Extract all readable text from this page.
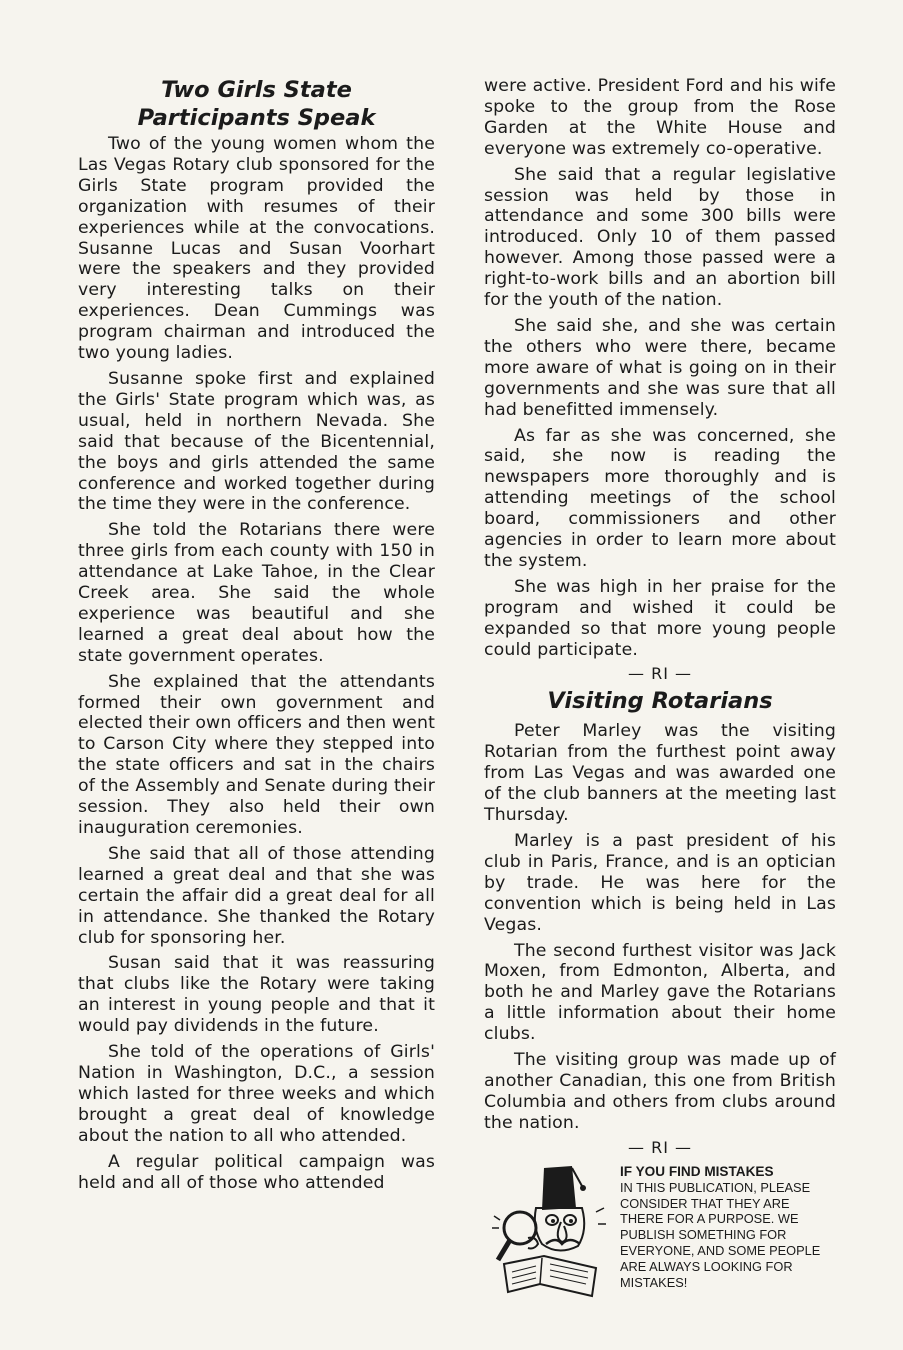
Two Girls State
Participants Speak

Two of the young women whom the Las Vegas Rotary club sponsored for the Girls State program provided the organization with resumes of their experiences while at the convocations. Susanne Lucas and Susan Voorhart were the speakers and they provided very interesting talks on their experiences. Dean Cummings was program chairman and introduced the two young ladies.

Susanne spoke first and explained the Girls' State program which was, as usual, held in northern Nevada. She said that because of the Bicentennial, the boys and girls attended the same conference and worked together during the time they were in the conference.

She told the Rotarians there were three girls from each county with 150 in attendance at Lake Tahoe, in the Clear Creek area. She said the whole experience was beautiful and she learned a great deal about how the state government operates.

She explained that the attendants formed their own government and elected their own officers and then went to Carson City where they stepped into the state officers and sat in the chairs of the Assembly and Senate during their session. They also held their own inauguration ceremonies.

She said that all of those attending learned a great deal and that she was certain the affair did a great deal for all in attendance. She thanked the Rotary club for sponsoring her.

Susan said that it was reassuring that clubs like the Rotary were taking an interest in young people and that it would pay dividends in the future.

She told of the operations of Girls' Nation in Washington, D.C., a session which lasted for three weeks and which brought a great deal of knowledge about the nation to all who attended.

A regular political campaign was held and all of those who attended

were active. President Ford and his wife spoke to the group from the Rose Garden at the White House and everyone was extremely co-operative.

She said that a regular legislative session was held by those in attendance and some 300 bills were introduced. Only 10 of them passed however. Among those passed were a right-to-work bills and an abortion bill for the youth of the nation.

She said she, and she was certain the others who were there, became more aware of what is going on in their governments and she was sure that all had benefitted immensely.

As far as she was concerned, she said, she now is reading the newspapers more thoroughly and is attending meetings of the school board, commissioners and other agencies in order to learn more about the system.

She was high in her praise for the program and wished it could be expanded so that more young people could participate.

— RI —
Visiting Rotarians

Peter Marley was the visiting Rotarian from the furthest point away from Las Vegas and was awarded one of the club banners at the meeting last Thursday.

Marley is a past president of his club in Paris, France, and is an optician by trade. He was here for the convention which is being held in Las Vegas.

The second furthest visitor was Jack Moxen, from Edmonton, Alberta, and both he and Marley gave the Rotarians a little information about their home clubs.

The visiting group was made up of another Canadian, this one from British Columbia and others from clubs around the nation.

— RI —
IF YOU FIND MISTAKES
IN THIS PUBLICATION, PLEASE CONSIDER THAT THEY ARE THERE FOR A PURPOSE. WE PUBLISH SOMETHING FOR EVERYONE, AND SOME PEOPLE ARE ALWAYS LOOKING FOR MISTAKES!
